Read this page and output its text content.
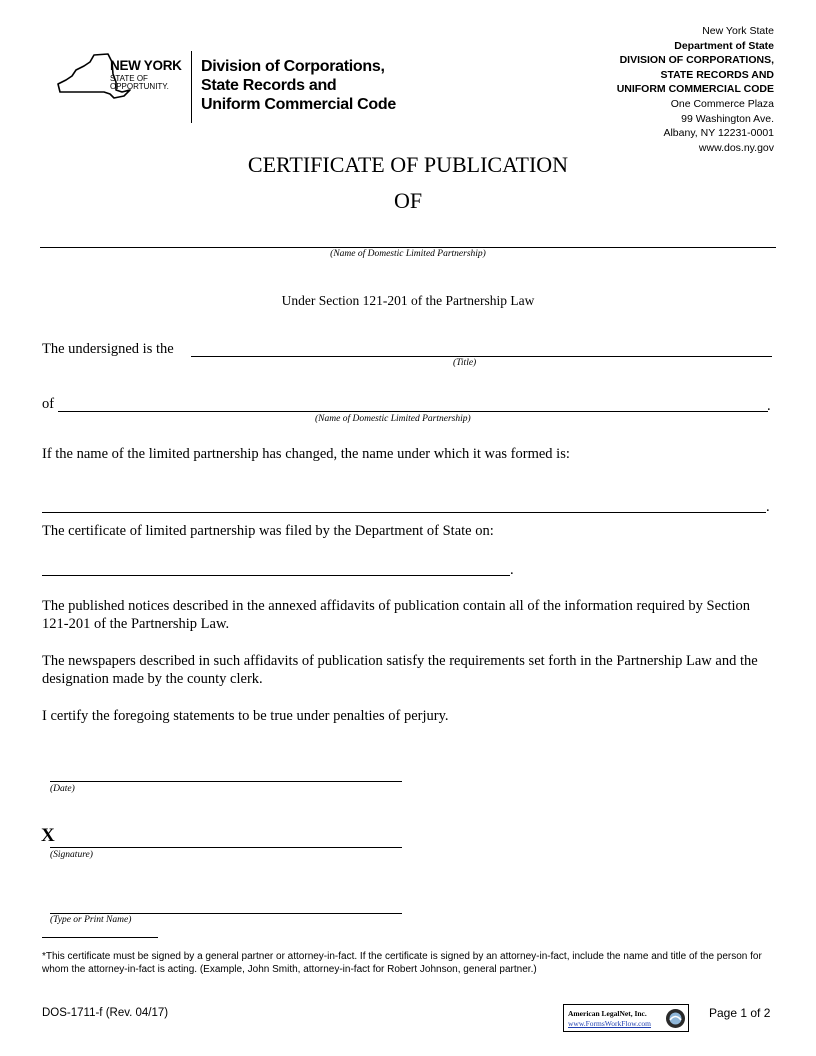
NEW YORK
STATE OF
OPPORTUNITY.
Division of Corporations,
State Records and
Uniform Commercial Code
New York State
Department of State
DIVISION OF CORPORATIONS,
STATE RECORDS AND
UNIFORM COMMERCIAL CODE
One Commerce Plaza
99 Washington Ave.
Albany, NY 12231-0001
www.dos.ny.gov
CERTIFICATE OF PUBLICATION
OF
(Name of Domestic Limited Partnership)
Under Section 121-201 of the Partnership Law
The undersigned is the
(Title)
of	.
(Name of Domestic Limited Partnership)
If the name of the limited partnership has changed, the name under which it was formed is:
.
The certificate of limited partnership was filed by the Department of State on:
.
The published notices described in the annexed affidavits of publication contain all of the information required by Section 121-201 of the Partnership Law.
The newspapers described in such affidavits of publication satisfy the requirements set forth in the Partnership Law and the designation made by the county clerk.
I certify the foregoing statements to be true under penalties of perjury.
(Date)
X
(Signature)
(Type or Print Name)
*This certificate must be signed by a general partner or attorney-in-fact. If the certificate is signed by an attorney-in-fact, include the name and title of the person for whom the attorney-in-fact is acting. (Example, John Smith, attorney-in-fact for Robert Johnson, general partner.)
DOS-1711-f (Rev. 04/17)	American LegalNet, Inc.
www.FormsWorkFlow.com
Page 1 of 2
